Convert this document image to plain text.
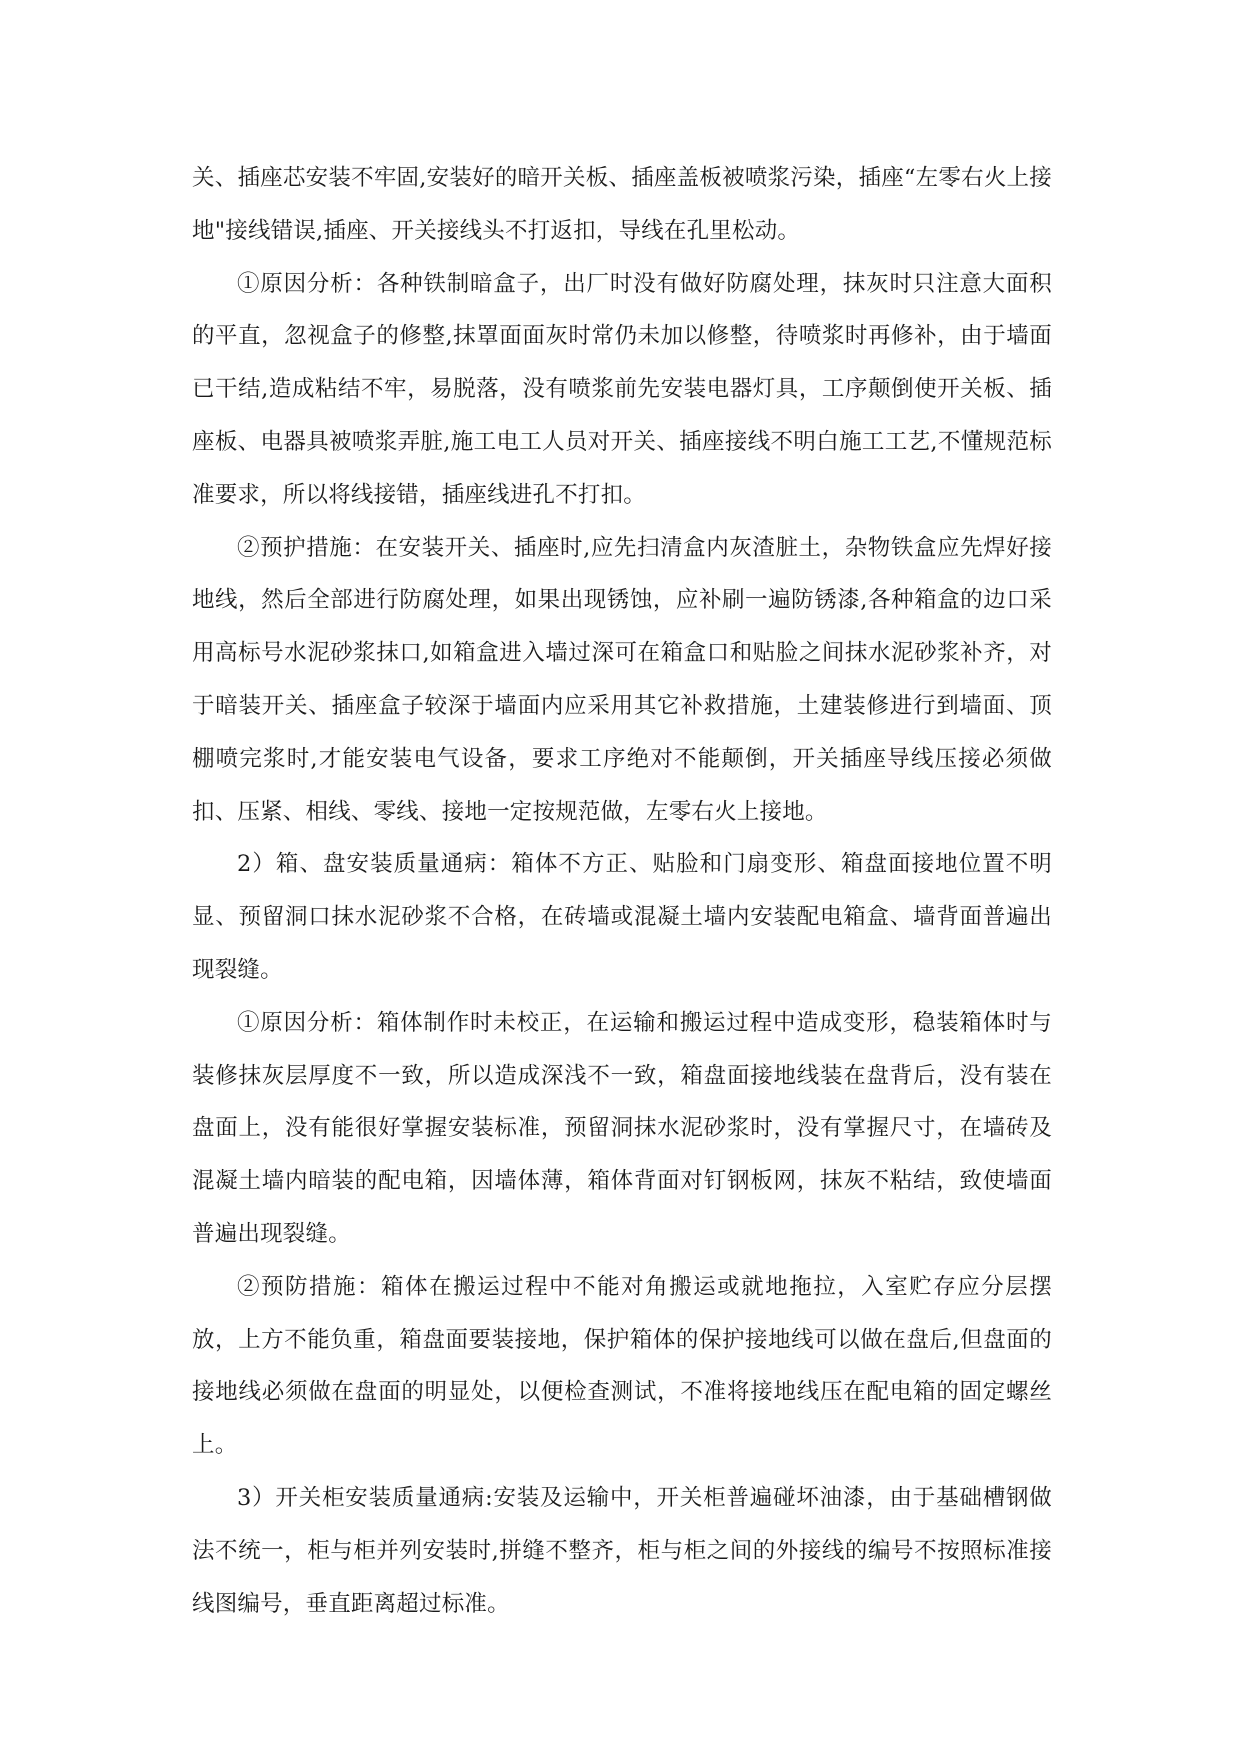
关、插座芯安装不牢固,安装好的暗开关板、插座盖板被喷浆污染，插座“左零右火上接地"接线错误,插座、开关接线头不打返扣，导线在孔里松动。

①原因分析：各种铁制暗盒子，出厂时没有做好防腐处理，抹灰时只注意大面积的平直，忽视盒子的修整,抹罩面面灰时常仍未加以修整，待喷浆时再修补，由于墙面已干结,造成粘结不牢，易脱落，没有喷浆前先安装电器灯具，工序颠倒使开关板、插座板、电器具被喷浆弄脏,施工电工人员对开关、插座接线不明白施工工艺,不懂规范标准要求，所以将线接错，插座线进孔不打扣。

②预护措施：在安装开关、插座时,应先扫清盒内灰渣脏土，杂物铁盒应先焊好接地线，然后全部进行防腐处理，如果出现锈蚀，应补刷一遍防锈漆,各种箱盒的边口采用高标号水泥砂浆抹口,如箱盒进入墙过深可在箱盒口和贴脸之间抹水泥砂浆补齐，对于暗装开关、插座盒子较深于墙面内应采用其它补救措施，土建装修进行到墙面、顶棚喷完浆时,才能安装电气设备，要求工序绝对不能颠倒，开关插座导线压接必须做扣、压紧、相线、零线、接地一定按规范做，左零右火上接地。

2）箱、盘安装质量通病：箱体不方正、贴脸和门扇变形、箱盘面接地位置不明显、预留洞口抹水泥砂浆不合格，在砖墙或混凝土墙内安装配电箱盒、墙背面普遍出现裂缝。

①原因分析：箱体制作时未校正，在运输和搬运过程中造成变形，稳装箱体时与装修抹灰层厚度不一致，所以造成深浅不一致，箱盘面接地线装在盘背后，没有装在盘面上，没有能很好掌握安装标准，预留洞抹水泥砂浆时，没有掌握尺寸，在墙砖及混凝土墙内暗装的配电箱，因墙体薄，箱体背面对钉钢板网，抹灰不粘结，致使墙面普遍出现裂缝。

②预防措施：箱体在搬运过程中不能对角搬运或就地拖拉，入室贮存应分层摆放，上方不能负重，箱盘面要装接地，保护箱体的保护接地线可以做在盘后,但盘面的接地线必须做在盘面的明显处，以便检查测试，不准将接地线压在配电箱的固定螺丝上。

3）开关柜安装质量通病:安装及运输中，开关柜普遍碰坏油漆，由于基础槽钢做法不统一，柜与柜并列安装时,拼缝不整齐，柜与柜之间的外接线的编号不按照标准接线图编号，垂直距离超过标准。
